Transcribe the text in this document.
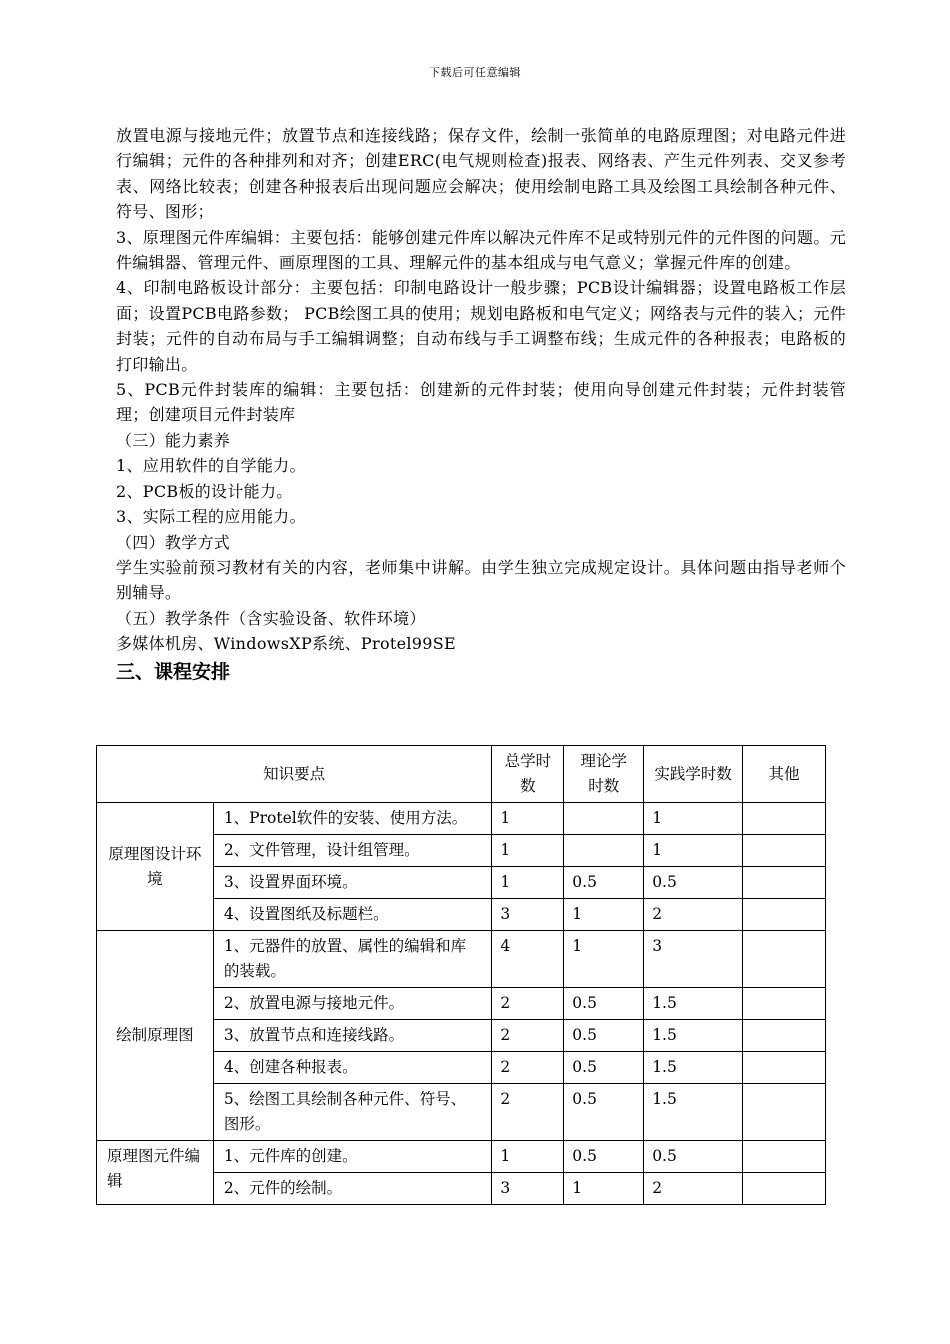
下载后可任意编辑

放置电源与接地元件；放置节点和连接线路；保存文件，绘制一张简单的电路原理图；对电路元件进行编辑；元件的各种排列和对齐；创建ERC(电气规则检查)报表、网络表、产生元件列表、交叉参考表、网络比较表；创建各种报表后出现问题应会解决；使用绘制电路工具及绘图工具绘制各种元件、符号、图形；

3、原理图元件库编辑：主要包括：能够创建元件库以解决元件库不足或特别元件的元件图的问题。元件编辑器、管理元件、画原理图的工具、理解元件的基本组成与电气意义；掌握元件库的创建。

4、印制电路板设计部分：主要包括：印制电路设计一般步骤；PCB设计编辑器；设置电路板工作层面；设置PCB电路参数； PCB绘图工具的使用；规划电路板和电气定义；网络表与元件的装入；元件封装；元件的自动布局与手工编辑调整；自动布线与手工调整布线；生成元件的各种报表；电路板的打印输出。

5、PCB元件封装库的编辑：主要包括：创建新的元件封装；使用向导创建元件封装；元件封装管理；创建项目元件封装库

（三）能力素养

1、应用软件的自学能力。

2、PCB板的设计能力。

3、实际工程的应用能力。

（四）教学方式

学生实验前预习教材有关的内容，老师集中讲解。由学生独立完成规定设计。具体问题由指导老师个别辅导。

（五）教学条件（含实验设备、软件环境）

多媒体机房、WindowsXP系统、Protel99SE

三、课程安排

知识要点		总学时数	理论学时数	实践学时数	其他
原理图设计环境	1、Protel软件的安装、使用方法。	1		1	
	2、文件管理，设计组管理。	1		1	
	3、设置界面环境。	1	0.5	0.5	
	4、设置图纸及标题栏。	3	1	2	
绘制原理图	1、元器件的放置、属性的编辑和库的装载。	4	1	3	
	2、放置电源与接地元件。	2	0.5	1.5	
	3、放置节点和连接线路。	2	0.5	1.5	
	4、创建各种报表。	2	0.5	1.5	
	5、绘图工具绘制各种元件、符号、图形。	2	0.5	1.5	
原理图元件编辑	1、元件库的创建。	1	0.5	0.5	
	2、元件的绘制。	3	1	2	
